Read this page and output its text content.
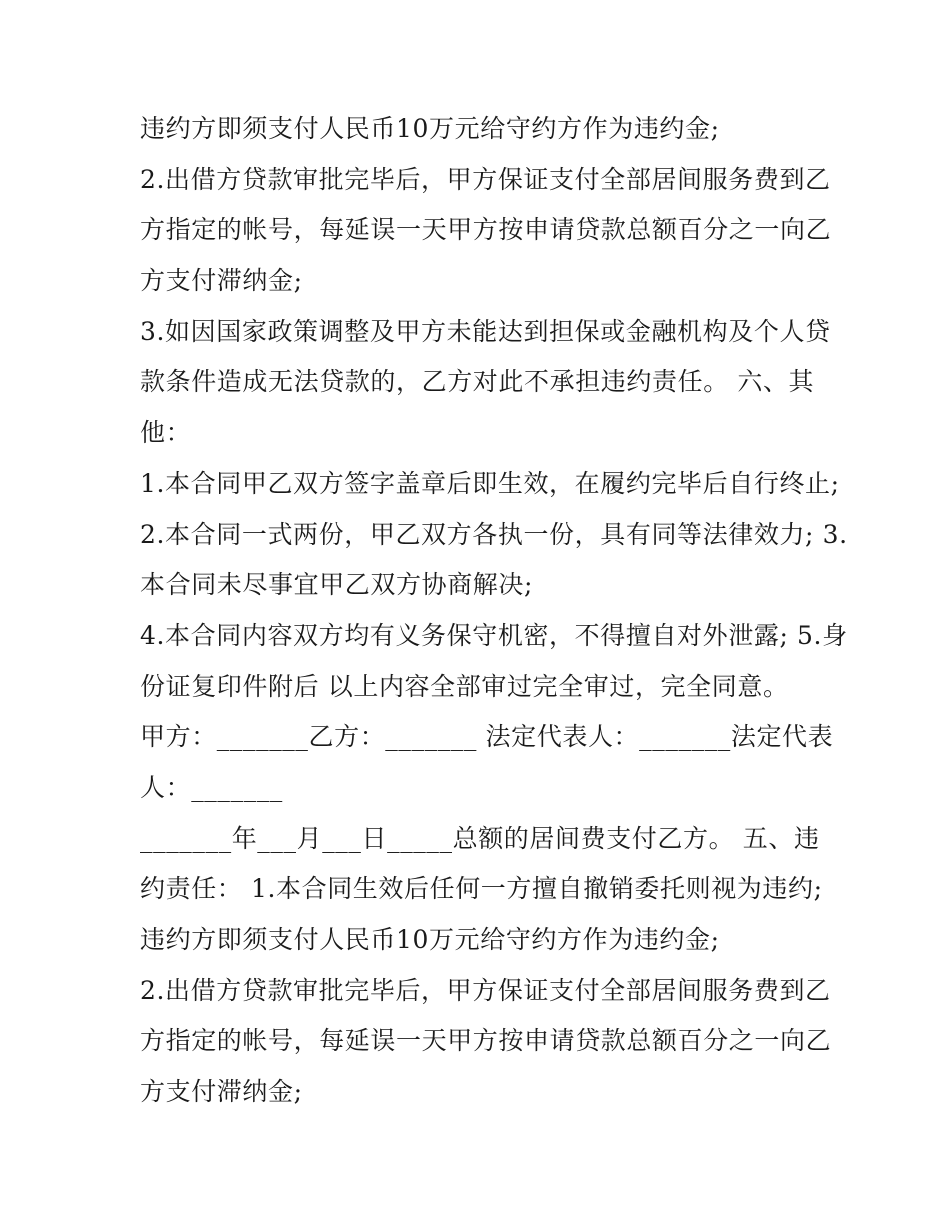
违约方即须支付人民币10万元给守约方作为违约金;
2.出借方贷款审批完毕后，甲方保证支付全部居间服务费到乙
方指定的帐号，每延误一天甲方按申请贷款总额百分之一向乙
方支付滞纳金;
3.如因国家政策调整及甲方未能达到担保或金融机构及个人贷
款条件造成无法贷款的，乙方对此不承担违约责任。 六、其
他：
1.本合同甲乙双方签字盖章后即生效，在履约完毕后自行终止;
2.本合同一式两份，甲乙双方各执一份，具有同等法律效力; 3.
本合同未尽事宜甲乙双方协商解决;
4.本合同内容双方均有义务保守机密，不得擅自对外泄露; 5.身
份证复印件附后 以上内容全部审过完全审过，完全同意。
甲方：_______乙方：_______ 法定代表人：_______法定代表
人：_______
_______年___月___日_____总额的居间费支付乙方。 五、违
约责任： 1.本合同生效后任何一方擅自撤销委托则视为违约;
违约方即须支付人民币10万元给守约方作为违约金;
2.出借方贷款审批完毕后，甲方保证支付全部居间服务费到乙
方指定的帐号，每延误一天甲方按申请贷款总额百分之一向乙
方支付滞纳金;
